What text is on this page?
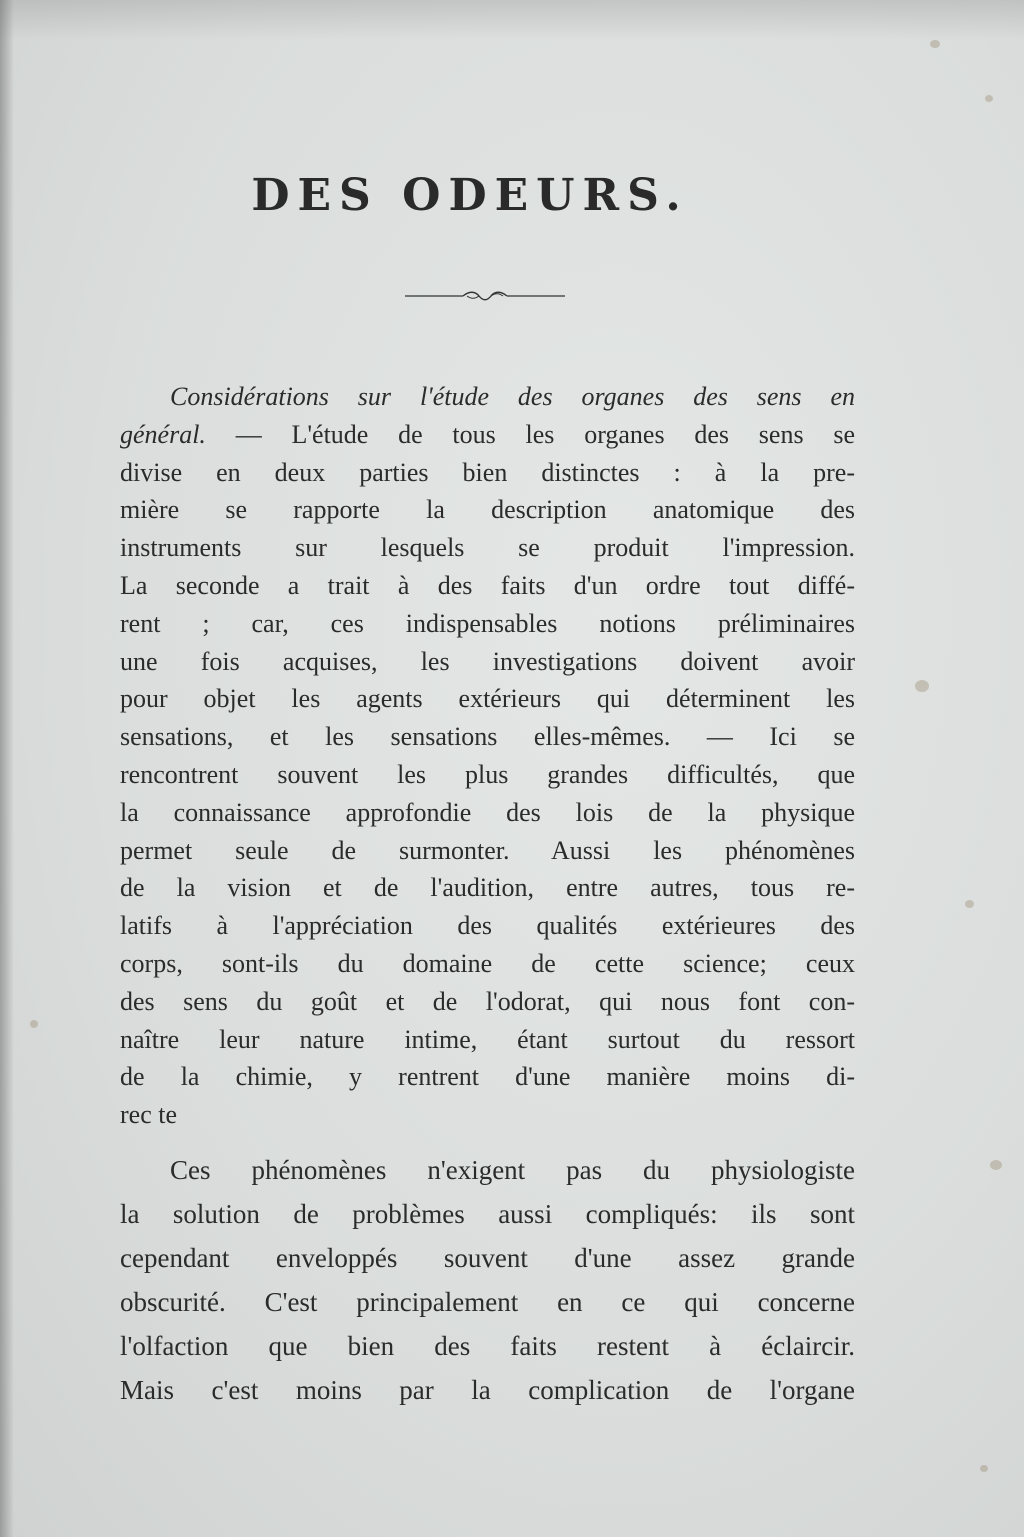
DES ODEURS.
Considérations sur l'étude des organes des sens en
général. — L'étude de tous les organes des sens se
divise en deux parties bien distinctes : à la pre-
mière se rapporte la description anatomique des
instruments sur lesquels se produit l'impression.
La seconde a trait à des faits d'un ordre tout diffé-
rent ; car, ces indispensables notions préliminaires
une fois acquises, les investigations doivent avoir
pour objet les agents extérieurs qui déterminent les
sensations, et les sensations elles-mêmes. — Ici se
rencontrent souvent les plus grandes difficultés, que
la connaissance approfondie des lois de la physique
permet seule de surmonter. Aussi les phénomènes
de la vision et de l'audition, entre autres, tous re-
latifs à l'appréciation des qualités extérieures des
corps, sont-ils du domaine de cette science; ceux
des sens du goût et de l'odorat, qui nous font con-
naître leur nature intime, étant surtout du ressort
de la chimie, y rentrent d'une manière moins di-
rec te
Ces phénomènes n'exigent pas du physiologiste
la solution de problèmes aussi compliqués: ils sont
cependant enveloppés souvent d'une assez grande
obscurité. C'est principalement en ce qui concerne
l'olfaction que bien des faits restent à éclaircir.
Mais c'est moins par la complication de l'organe
